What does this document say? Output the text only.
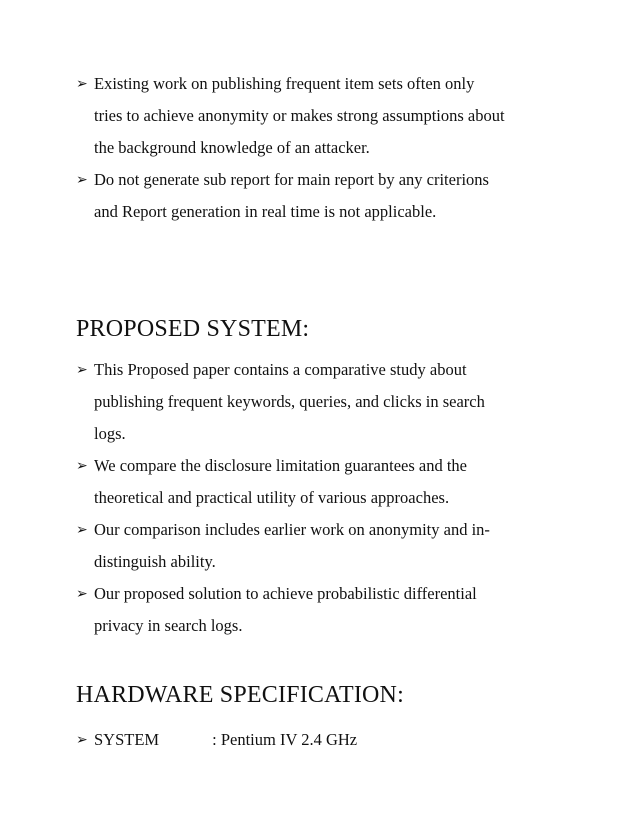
➢ Existing work on publishing frequent item sets often only
tries to achieve anonymity or makes strong assumptions about
the background knowledge of an attacker.
➢ Do not generate sub report for main report by any criterions
and Report generation in real time is not applicable.
PROPOSED SYSTEM:
➢ This Proposed paper contains a comparative study about
publishing frequent keywords, queries, and clicks in search
logs.
➢ We compare the disclosure limitation guarantees and the
theoretical and practical utility of various approaches.
➢ Our comparison includes earlier work on anonymity and in-
distinguish ability.
➢ Our proposed solution to achieve probabilistic differential
privacy in search logs.
HARDWARE SPECIFICATION:
➢ SYSTEM	: Pentium IV 2.4 GHz
